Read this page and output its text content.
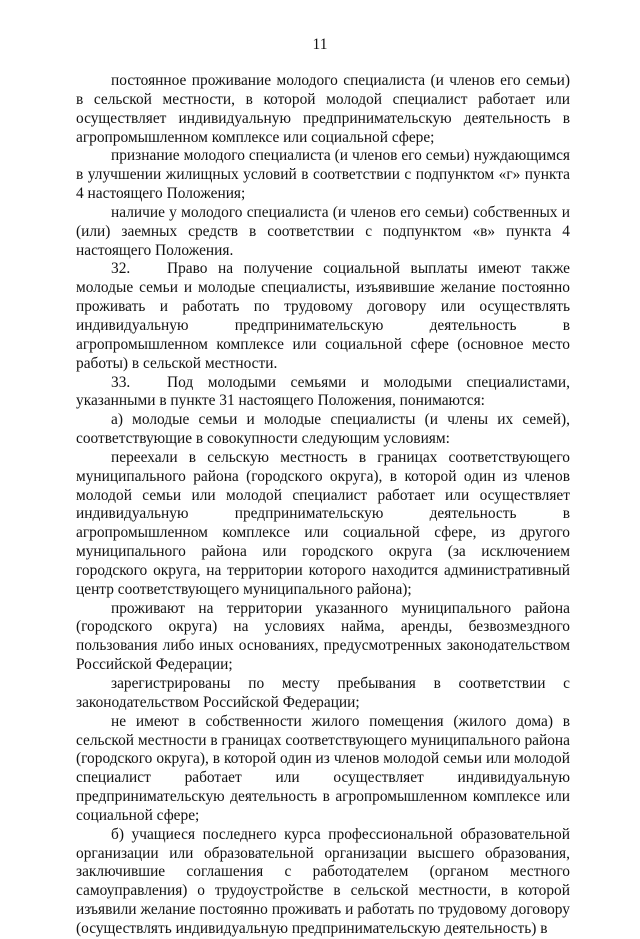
11

постоянное проживание молодого специалиста (и членов его семьи) в сельской местности, в которой молодой специалист работает или осуществляет индивидуальную предпринимательскую деятельность в агропромышленном комплексе или социальной сфере;

признание молодого специалиста (и членов его семьи) нуждающимся в улучшении жилищных условий в соответствии с подпунктом «г» пункта 4 настоящего Положения;

наличие у молодого специалиста (и членов его семьи) собственных и (или) заемных средств в соответствии с подпунктом «в» пункта 4 настоящего Положения.

32. Право на получение социальной выплаты имеют также молодые семьи и молодые специалисты, изъявившие желание постоянно проживать и работать по трудовому договору или осуществлять индивидуальную предпринимательскую деятельность в агропромышленном комплексе или социальной сфере (основное место работы) в сельской местности.

33. Под молодыми семьями и молодыми специалистами, указанными в пункте 31 настоящего Положения, понимаются:

а) молодые семьи и молодые специалисты (и члены их семей), соответствующие в совокупности следующим условиям:

переехали в сельскую местность в границах соответствующего муниципального района (городского округа), в которой один из членов молодой семьи или молодой специалист работает или осуществляет индивидуальную предпринимательскую деятельность в агропромышленном комплексе или социальной сфере, из другого муниципального района или городского округа (за исключением городского округа, на территории которого находится административный центр соответствующего муниципального района);

проживают на территории указанного муниципального района (городского округа) на условиях найма, аренды, безвозмездного пользования либо иных основаниях, предусмотренных законодательством Российской Федерации;

зарегистрированы по месту пребывания в соответствии с законодательством Российской Федерации;

не имеют в собственности жилого помещения (жилого дома) в сельской местности в границах соответствующего муниципального района (городского округа), в которой один из членов молодой семьи или молодой специалист работает или осуществляет индивидуальную предпринимательскую деятельность в агропромышленном комплексе или социальной сфере;

б) учащиеся последнего курса профессиональной образовательной организации или образовательной организации высшего образования, заключившие соглашения с работодателем (органом местного самоуправления) о трудоустройстве в сельской местности, в которой изъявили желание постоянно проживать и работать по трудовому договору (осуществлять индивидуальную предпринимательскую деятельность) в
